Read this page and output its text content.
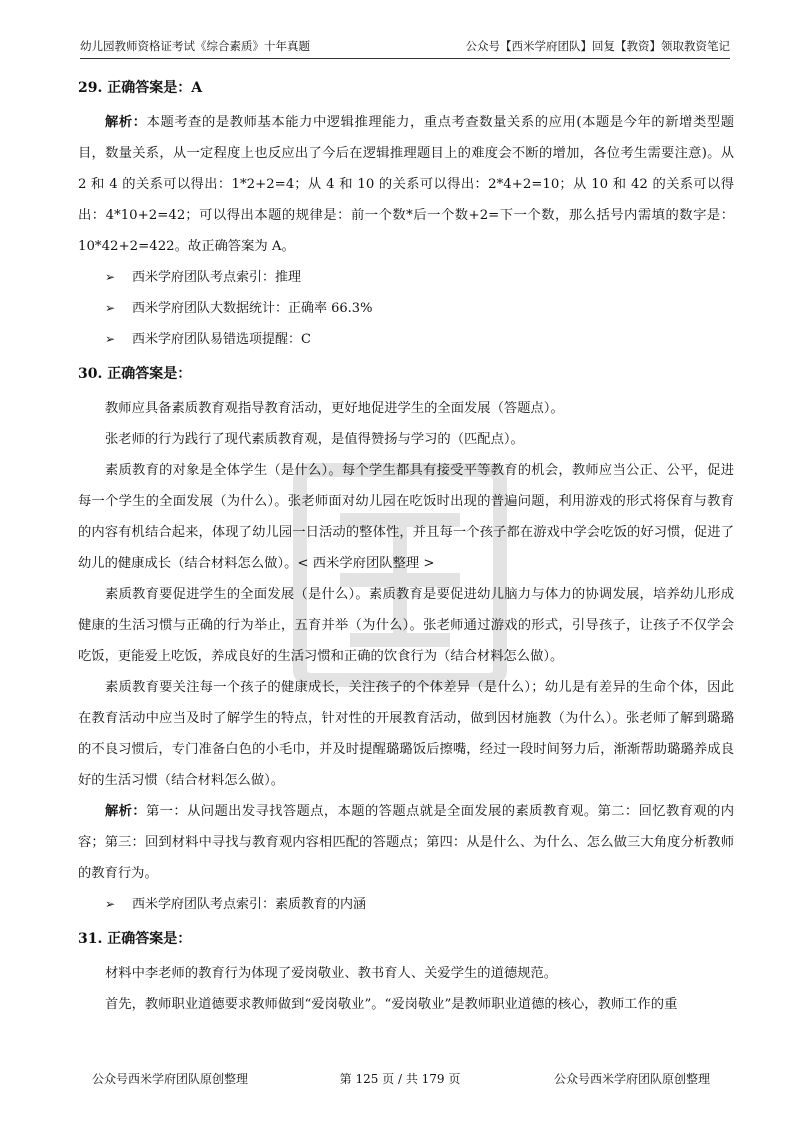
幼儿园教师资格证考试《综合素质》十年真题	公众号【西米学府团队】回复【教资】领取教资笔记
29. 正确答案是：A

解析：本题考查的是教师基本能力中逻辑推理能力，重点考查数量关系的应用(本题是今年的新增类型题目，数量关系，从一定程度上也反应出了今后在逻辑推理题目上的难度会不断的增加，各位考生需要注意)。从 2 和 4 的关系可以得出：1*2+2=4；从 4 和 10 的关系可以得出：2*4+2=10；从 10 和 42 的关系可以得出：4*10+2=42；可以得出本题的规律是：前一个数*后一个数+2=下一个数，那么括号内需填的数字是：10*42+2=422。故正确答案为 A。

➢ 西米学府团队考点索引：推理
➢ 西米学府团队大数据统计：正确率 66.3%
➢ 西米学府团队易错选项提醒：C
30. 正确答案是：

教师应具备素质教育观指导教育活动，更好地促进学生的全面发展（答题点）。

张老师的行为践行了现代素质教育观，是值得赞扬与学习的（匹配点）。

素质教育的对象是全体学生（是什么）。每个学生都具有接受平等教育的机会，教师应当公正、公平，促进每一个学生的全面发展（为什么）。张老师面对幼儿园在吃饭时出现的普遍问题，利用游戏的形式将保育与教育的内容有机结合起来，体现了幼儿园一日活动的整体性，并且每一个孩子都在游戏中学会吃饭的好习惯，促进了幼儿的健康成长（结合材料怎么做）。< 西米学府团队整理 >

素质教育要促进学生的全面发展（是什么）。素质教育是要促进幼儿脑力与体力的协调发展，培养幼儿形成健康的生活习惯与正确的行为举止，五育并举（为什么）。张老师通过游戏的形式，引导孩子，让孩子不仅学会吃饭，更能爱上吃饭，养成良好的生活习惯和正确的饮食行为（结合材料怎么做）。

素质教育要关注每一个孩子的健康成长，关注孩子的个体差异（是什么）；幼儿是有差异的生命个体，因此在教育活动中应当及时了解学生的特点，针对性的开展教育活动，做到因材施教（为什么）。张老师了解到璐璐的不良习惯后，专门准备白色的小毛巾，并及时提醒璐璐饭后擦嘴，经过一段时间努力后，渐渐帮助璐璐养成良好的生活习惯（结合材料怎么做）。

解析：第一：从问题出发寻找答题点，本题的答题点就是全面发展的素质教育观。第二：回忆教育观的内容；第三：回到材料中寻找与教育观内容相匹配的答题点；第四：从是什么、为什么、怎么做三大角度分析教师的教育行为。

➢ 西米学府团队考点索引：素质教育的内涵
31. 正确答案是：

材料中李老师的教育行为体现了爱岗敬业、教书育人、关爱学生的道德规范。

首先，教师职业道德要求教师做到“爱岗敬业”。“爱岗敬业”是教师职业道德的核心，教师工作的重

公众号西米学府团队原创整理	第 125 页 / 共 179 页	公众号西米学府团队原创整理
